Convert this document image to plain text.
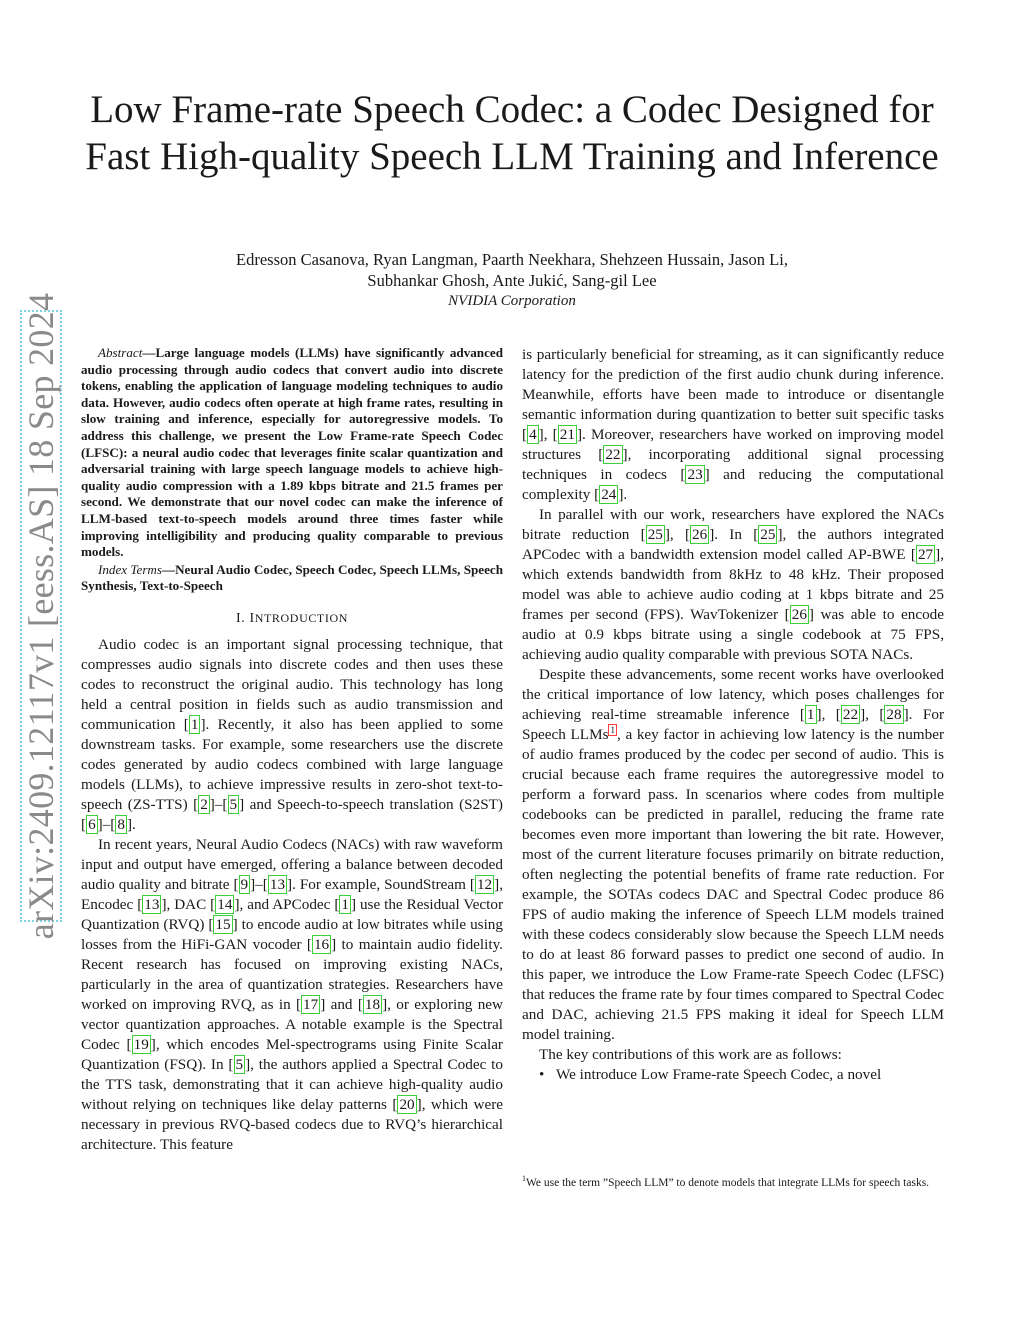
arXiv:2409.12117v1 [eess.AS] 18 Sep 2024
Low Frame-rate Speech Codec: a Codec Designed for Fast High-quality Speech LLM Training and Inference
Edresson Casanova, Ryan Langman, Paarth Neekhara, Shehzeen Hussain, Jason Li,
Subhankar Ghosh, Ante Jukić, Sang-gil Lee
NVIDIA Corporation

Abstract—Large language models (LLMs) have significantly advanced audio processing through audio codecs that convert audio into discrete tokens, enabling the application of language modeling techniques to audio data. However, audio codecs often operate at high frame rates, resulting in slow training and inference, especially for autoregressive models. To address this challenge, we present the Low Frame-rate Speech Codec (LFSC): a neural audio codec that leverages finite scalar quantization and adversarial training with large speech language models to achieve high-quality audio compression with a 1.89 kbps bitrate and 21.5 frames per second. We demonstrate that our novel codec can make the inference of LLM-based text-to-speech models around three times faster while improving intelligibility and producing quality comparable to previous models.

Index Terms—Neural Audio Codec, Speech Codec, Speech LLMs, Speech Synthesis, Text-to-Speech

I. INTRODUCTION

Audio codec is an important signal processing technique, that compresses audio signals into discrete codes and then uses these codes to reconstruct the original audio. This technology has long held a central position in fields such as audio transmission and communication [ 1 ]. Recently, it also has been applied to some downstream tasks. For example, some researchers use the discrete codes generated by audio codecs combined with large language models (LLMs), to achieve impressive results in zero-shot text-to-speech (ZS-TTS) [ 2 ]–[ 5 ] and Speech-to-speech translation (S2ST) [ 6 ]–[ 8 ].

In recent years, Neural Audio Codecs (NACs) with raw waveform input and output have emerged, offering a balance between decoded audio quality and bitrate [ 9 ]–[ 13 ]. For example, SoundStream [ 12 ], Encodec [ 13 ], DAC [ 14 ], and APCodec [ 1 ] use the Residual Vector Quantization (RVQ) [ 15 ] to encode audio at low bitrates while using losses from the HiFi-GAN vocoder [ 16 ] to maintain audio fidelity. Recent research has focused on improving existing NACs, particularly in the area of quantization strategies. Researchers have worked on improving RVQ, as in [ 17 ] and [ 18 ], or exploring new vector quantization approaches. A notable example is the Spectral Codec [ 19 ], which encodes Mel-spectrograms using Finite Scalar Quantization (FSQ). In [ 5 ], the authors applied a Spectral Codec to the TTS task, demonstrating that it can achieve high-quality audio without relying on techniques like delay patterns [ 20 ], which were necessary in previous RVQ-based codecs due to RVQ’s hierarchical architecture. This feature

is particularly beneficial for streaming, as it can significantly reduce latency for the prediction of the first audio chunk during inference. Meanwhile, efforts have been made to introduce or disentangle semantic information during quantization to better suit specific tasks [ 4 ], [ 21 ]. Moreover, researchers have worked on improving model structures [ 22 ], incorporating additional signal processing techniques in codecs [ 23 ] and reducing the computational complexity [ 24 ].

In parallel with our work, researchers have explored the NACs bitrate reduction [ 25 ], [ 26 ]. In [ 25 ], the authors integrated APCodec with a bandwidth extension model called AP-BWE [ 27 ], which extends bandwidth from 8kHz to 48 kHz. Their proposed model was able to achieve audio coding at 1 kbps bitrate and 25 frames per second (FPS). WavTokenizer [ 26 ] was able to encode audio at 0.9 kbps bitrate using a single codebook at 75 FPS, achieving audio quality comparable with previous SOTA NACs.

Despite these advancements, some recent works have overlooked the critical importance of low latency, which poses challenges for achieving real-time streamable inference [ 1 ], [ 22 ], [ 28 ]. For Speech LLMs $^1$ , a key factor in achieving low latency is the number of audio frames produced by the codec per second of audio. This is crucial because each frame requires the autoregressive model to perform a forward pass. In scenarios where codes from multiple codebooks can be predicted in parallel, reducing the frame rate becomes even more important than lowering the bit rate. However, most of the current literature focuses primarily on bitrate reduction, often neglecting the potential benefits of frame rate reduction. For example, the SOTAs codecs DAC and Spectral Codec produce 86 FPS of audio making the inference of Speech LLM models trained with these codecs considerably slow because the Speech LLM needs to do at least 86 forward passes to predict one second of audio. In this paper, we introduce the Low Frame-rate Speech Codec (LFSC) that reduces the frame rate by four times compared to Spectral Codec and DAC, achieving 21.5 FPS making it ideal for Speech LLM model training.

The key contributions of this work are as follows:

• We introduce Low Frame-rate Speech Codec, a novel
$^1$We use the term ”Speech LLM” to denote models that integrate LLMs for speech tasks.
